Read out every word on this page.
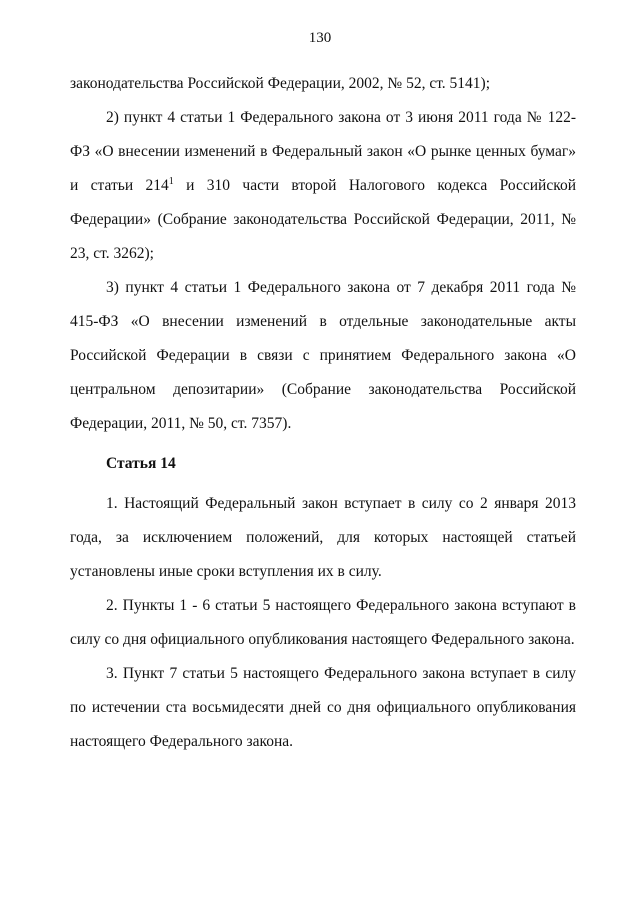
130

законодательства Российской Федерации, 2002, № 52, ст. 5141);

2) пункт 4 статьи 1 Федерального закона от 3 июня 2011 года № 122-ФЗ «О внесении изменений в Федеральный закон «О рынке ценных бумаг» и статьи $214^1$ и 310 части второй Налогового кодекса Российской Федерации» (Собрание законодательства Российской Федерации, 2011, № 23, ст. 3262);

3) пункт 4 статьи 1 Федерального закона от 7 декабря 2011 года № 415-ФЗ «О внесении изменений в отдельные законодательные акты Российской Федерации в связи с принятием Федерального закона «О центральном депозитарии» (Собрание законодательства Российской Федерации, 2011, № 50, ст. 7357).

Статья 14

1. Настоящий Федеральный закон вступает в силу со 2 января 2013 года, за исключением положений, для которых настоящей статьей установлены иные сроки вступления их в силу.

2. Пункты 1 - 6 статьи 5 настоящего Федерального закона вступают в силу со дня официального опубликования настоящего Федерального закона.

3. Пункт 7 статьи 5 настоящего Федерального закона вступает в силу по истечении ста восьмидесяти дней со дня официального опубликования настоящего Федерального закона.
